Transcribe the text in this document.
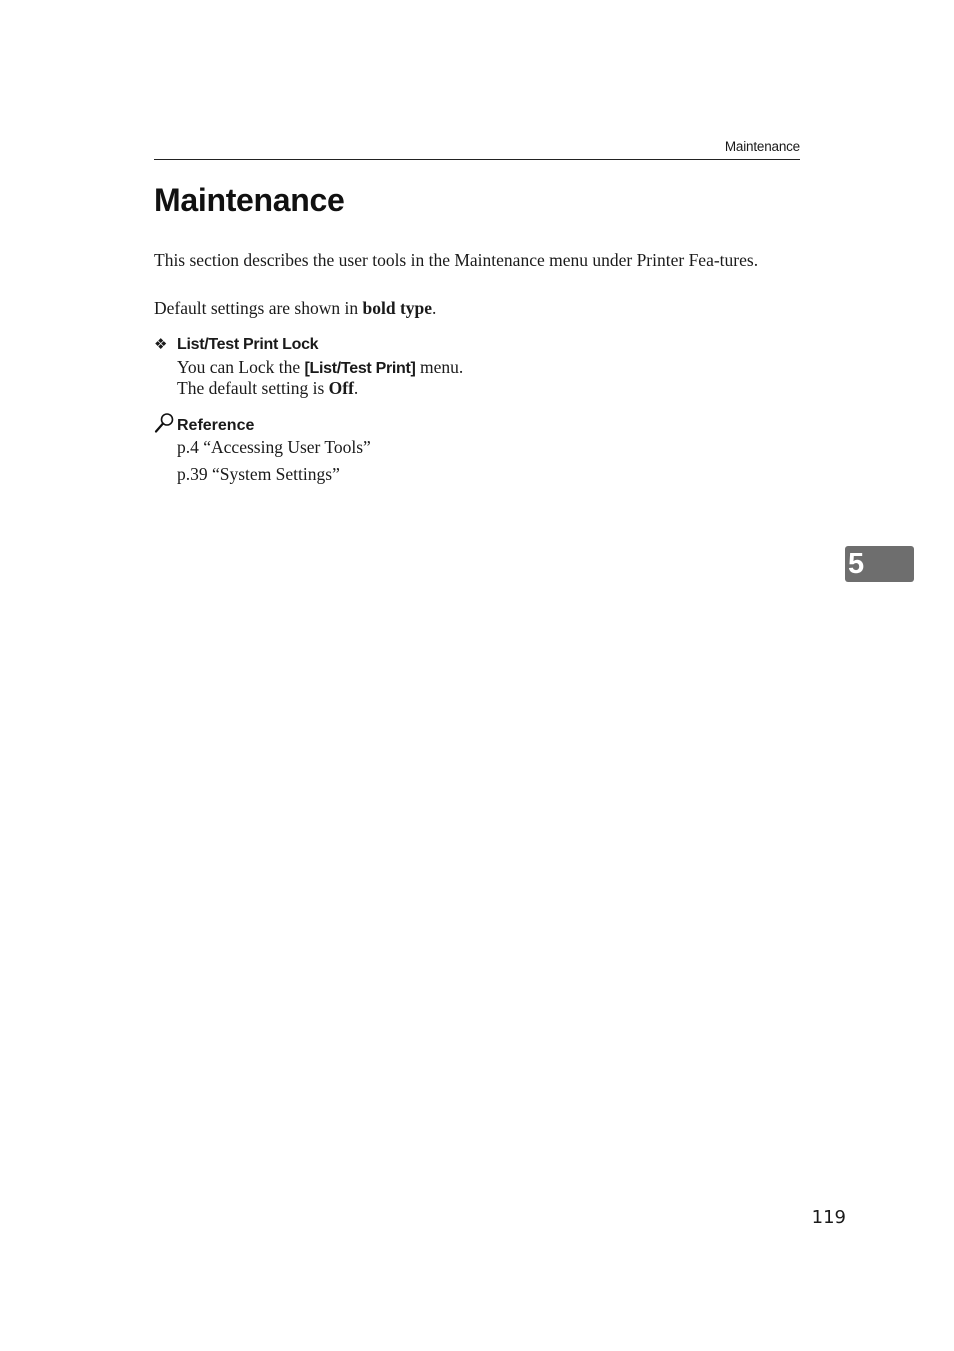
Maintenance
Maintenance

This section describes the user tools in the Maintenance menu under Printer Fea-tures.

Default settings are shown in bold type.

❖ List/Test Print Lock

You can Lock the [List/Test Print] menu.

The default setting is Off.

Reference

p.4 “Accessing User Tools”

p.39 “System Settings”

5
119
